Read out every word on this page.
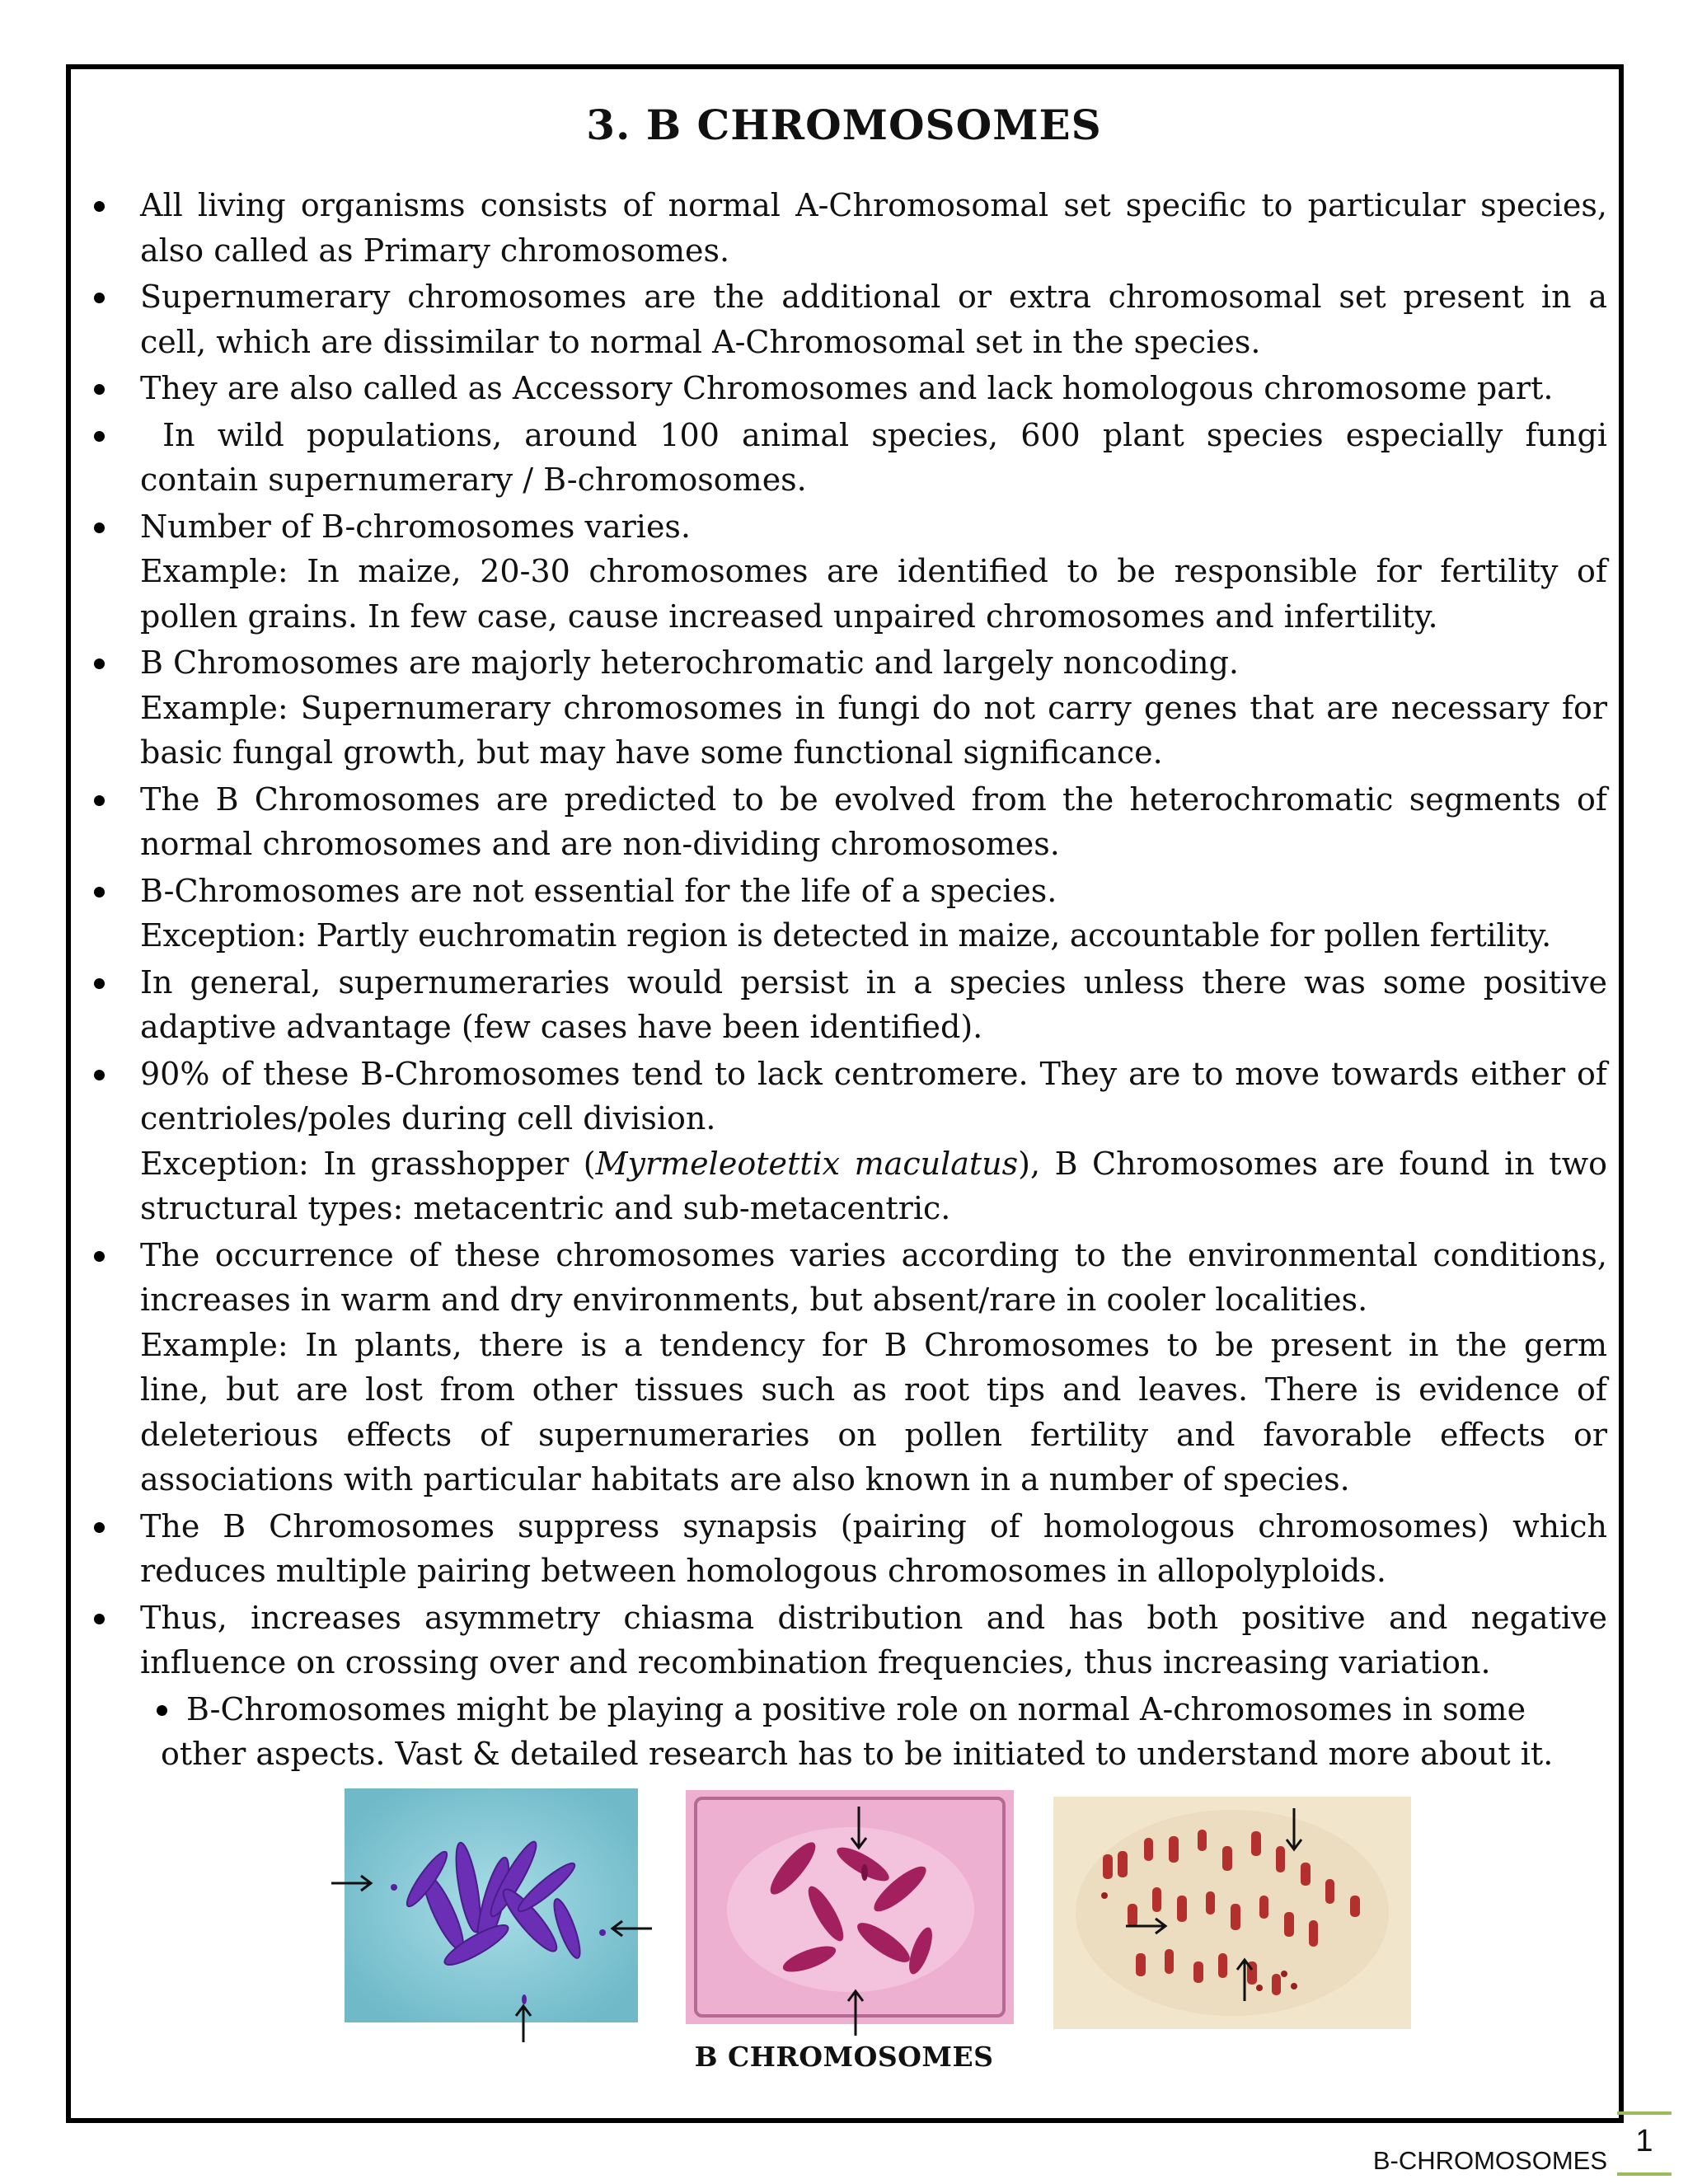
3. B CHROMOSOMES
All living organisms consists of normal A-Chromosomal set specific to particular species,
also called as Primary chromosomes.
Supernumerary chromosomes are the additional or extra chromosomal set present in a
cell, which are dissimilar to normal A-Chromosomal set in the species.
They are also called as Accessory Chromosomes and lack homologous chromosome part.
In wild populations, around 100 animal species, 600 plant species especially fungi
contain supernumerary / B-chromosomes.
Number of B-chromosomes varies.
Example: In maize, 20-30 chromosomes are identified to be responsible for fertility of
pollen grains. In few case, cause increased unpaired chromosomes and infertility.
B Chromosomes are majorly heterochromatic and largely noncoding.
Example: Supernumerary chromosomes in fungi do not carry genes that are necessary for
basic fungal growth, but may have some functional significance.
The B Chromosomes are predicted to be evolved from the heterochromatic segments of
normal chromosomes and are non-dividing chromosomes.
B-Chromosomes are not essential for the life of a species.
Exception: Partly euchromatin region is detected in maize, accountable for pollen fertility.
In general, supernumeraries would persist in a species unless there was some positive
adaptive advantage (few cases have been identified).
90% of these B-Chromosomes tend to lack centromere. They are to move towards either of
centrioles/poles during cell division.
Exception: In grasshopper (Myrmeleotettix maculatus), B Chromosomes are found in two
structural types: metacentric and sub-metacentric.
The occurrence of these chromosomes varies according to the environmental conditions,
increases in warm and dry environments, but absent/rare in cooler localities.
Example: In plants, there is a tendency for B Chromosomes to be present in the germ
line, but are lost from other tissues such as root tips and leaves. There is evidence of
deleterious effects of supernumeraries on pollen fertility and favorable effects or
associations with particular habitats are also known in a number of species.
The B Chromosomes suppress synapsis (pairing of homologous chromosomes) which
reduces multiple pairing between homologous chromosomes in allopolyploids.
Thus, increases asymmetry chiasma distribution and has both positive and negative
influence on crossing over and recombination frequencies, thus increasing variation.
B-Chromosomes might be playing a positive role on normal A-chromosomes in some
other aspects. Vast & detailed research has to be initiated to understand more about it.
B CHROMOSOMES
B-CHROMOSOMES
1
